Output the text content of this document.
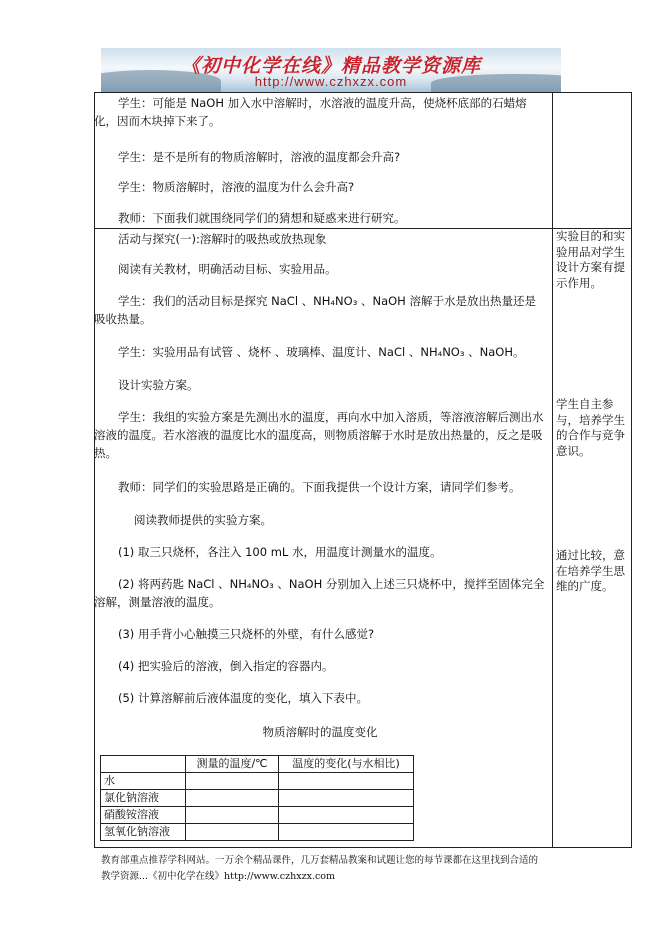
《初中化学在线》精品教学资源库
http://www.czhxzx.com
学生：可能是 NaOH 加入水中溶解时，水溶液的温度升高，使烧杯底部的石蜡熔化，因而木块掉下来了。
学生：是不是所有的物质溶解时，溶液的温度都会升高?
学生：物质溶解时，溶液的温度为什么会升高?
教师：下面我们就围绕同学们的猜想和疑惑来进行研究。
活动与探究(一):溶解时的吸热或放热现象
阅读有关教材，明确活动目标、实验用品。
学生：我们的活动目标是探究 NaCl 、NH₄NO₃ 、NaOH 溶解于水是放出热量还是吸收热量。
学生：实验用品有试管 、烧杯 、玻璃棒、温度计、NaCl 、NH₄NO₃ 、NaOH。
设计实验方案。
学生：我组的实验方案是先测出水的温度，再向水中加入溶质，等溶液溶解后测出水溶液的温度。若水溶液的温度比水的温度高，则物质溶解于水时是放出热量的，反之是吸热。
教师：同学们的实验思路是正确的。下面我提供一个设计方案，请同学们参考。
阅读教师提供的实验方案。
(1) 取三只烧杯，各注入 100 mL 水，用温度计测量水的温度。
(2) 将两药匙 NaCl 、NH₄NO₃ 、NaOH 分别加入上述三只烧杯中，搅拌至固体完全溶解，测量溶液的温度。
(3) 用手背小心触摸三只烧杯的外壁，有什么感觉?
(4) 把实验后的溶液，倒入指定的容器内。
(5) 计算溶解前后液体温度的变化，填入下表中。
物质溶解时的温度变化
实验目的和实验用品对学生设计方案有提示作用。
学生自主参与，培养学生的合作与竞争意识。
通过比较，意在培养学生思维的广度。
	测量的温度/℃	温度的变化(与水相比)
水		
氯化钠溶液		
硝酸铵溶液		
氢氧化钠溶液		
教育部重点推荐学科网站。一万余个精品课件，几万套精品教案和试题让您的每节课都在这里找到合适的
教学资源...《初中化学在线》http://www.czhxzx.com
